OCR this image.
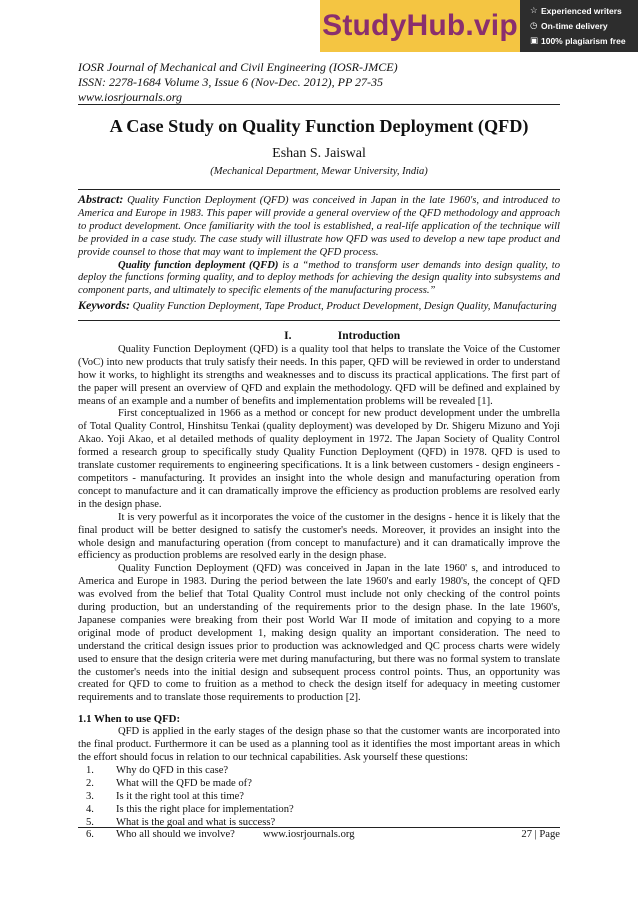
StudyHub.vip ☆ Experienced writers
◷ On-time delivery
▣ 100% plagiarism free
IOSR Journal of Mechanical and Civil Engineering (IOSR-JMCE)
ISSN: 2278-1684 Volume 3, Issue 6 (Nov-Dec. 2012), PP 27-35
www.iosrjournals.org
A Case Study on Quality Function Deployment (QFD)
Eshan S. Jaiswal
(Mechanical Department, Mewar University, India)
Abstract: Quality Function Deployment (QFD) was conceived in Japan in the late 1960's, and introduced to America and Europe in 1983. This paper will provide a general overview of the QFD methodology and approach to product development. Once familiarity with the tool is established, a real-life application of the technique will be provided in a case study. The case study will illustrate how QFD was used to develop a new tape product and provide counsel to those that may want to implement the QFD process.
Quality function deployment (QFD) is a “method to transform user demands into design quality, to deploy the functions forming quality, and to deploy methods for achieving the design quality into subsystems and component parts, and ultimately to specific elements of the manufacturing process.”
Keywords: Quality Function Deployment, Tape Product, Product Development, Design Quality, Manufacturing
I.	Introduction

Quality Function Deployment (QFD) is a quality tool that helps to translate the Voice of the Customer (VoC) into new products that truly satisfy their needs. In this paper, QFD will be reviewed in order to understand how it works, to highlight its strengths and weaknesses and to discuss its practical applications. The first part of the paper will present an overview of QFD and explain the methodology. QFD will be defined and explained by means of an example and a number of benefits and implementation problems will be revealed [1].

First conceptualized in 1966 as a method or concept for new product development under the umbrella of Total Quality Control, Hinshitsu Tenkai (quality deployment) was developed by Dr. Shigeru Mizuno and Yoji Akao. Yoji Akao, et al detailed methods of quality deployment in 1972. The Japan Society of Quality Control formed a research group to specifically study Quality Function Deployment (QFD) in 1978. QFD is used to translate customer requirements to engineering specifications. It is a link between customers - design engineers - competitors - manufacturing. It provides an insight into the whole design and manufacturing operation from concept to manufacture and it can dramatically improve the efficiency as production problems are resolved early in the design phase.

It is very powerful as it incorporates the voice of the customer in the designs - hence it is likely that the final product will be better designed to satisfy the customer's needs. Moreover, it provides an insight into the whole design and manufacturing operation (from concept to manufacture) and it can dramatically improve the efficiency as production problems are resolved early in the design phase.

Quality Function Deployment (QFD) was conceived in Japan in the late 1960' s, and introduced to America and Europe in 1983. During the period between the late 1960's and early 1980's, the concept of QFD was evolved from the belief that Total Quality Control must include not only checking of the control points during production, but an understanding of the requirements prior to the design phase. In the late 1960's, Japanese companies were breaking from their post World War II mode of imitation and copying to a more original mode of product development 1, making design quality an important consideration. The need to understand the critical design issues prior to production was acknowledged and QC process charts were widely used to ensure that the design criteria were met during manufacturing, but there was no formal system to translate the customer's needs into the initial design and subsequent process control points. Thus, an opportunity was created for QFD to come to fruition as a method to check the design itself for adequacy in meeting customer requirements and to translate those requirements to production [2].

1.1 When to use QFD:

QFD is applied in the early stages of the design phase so that the customer wants are incorporated into the final product. Furthermore it can be used as a planning tool as it identifies the most important areas in which the effort should focus in relation to our technical capabilities. Ask yourself these questions:

1.	Why do QFD in this case?
2.	What will the QFD be made of?
3.	Is it the right tool at this time?
4.	Is this the right place for implementation?
5.	What is the goal and what is success?
6.	Who all should we involve?	www.iosrjournals.org	27 | Page
